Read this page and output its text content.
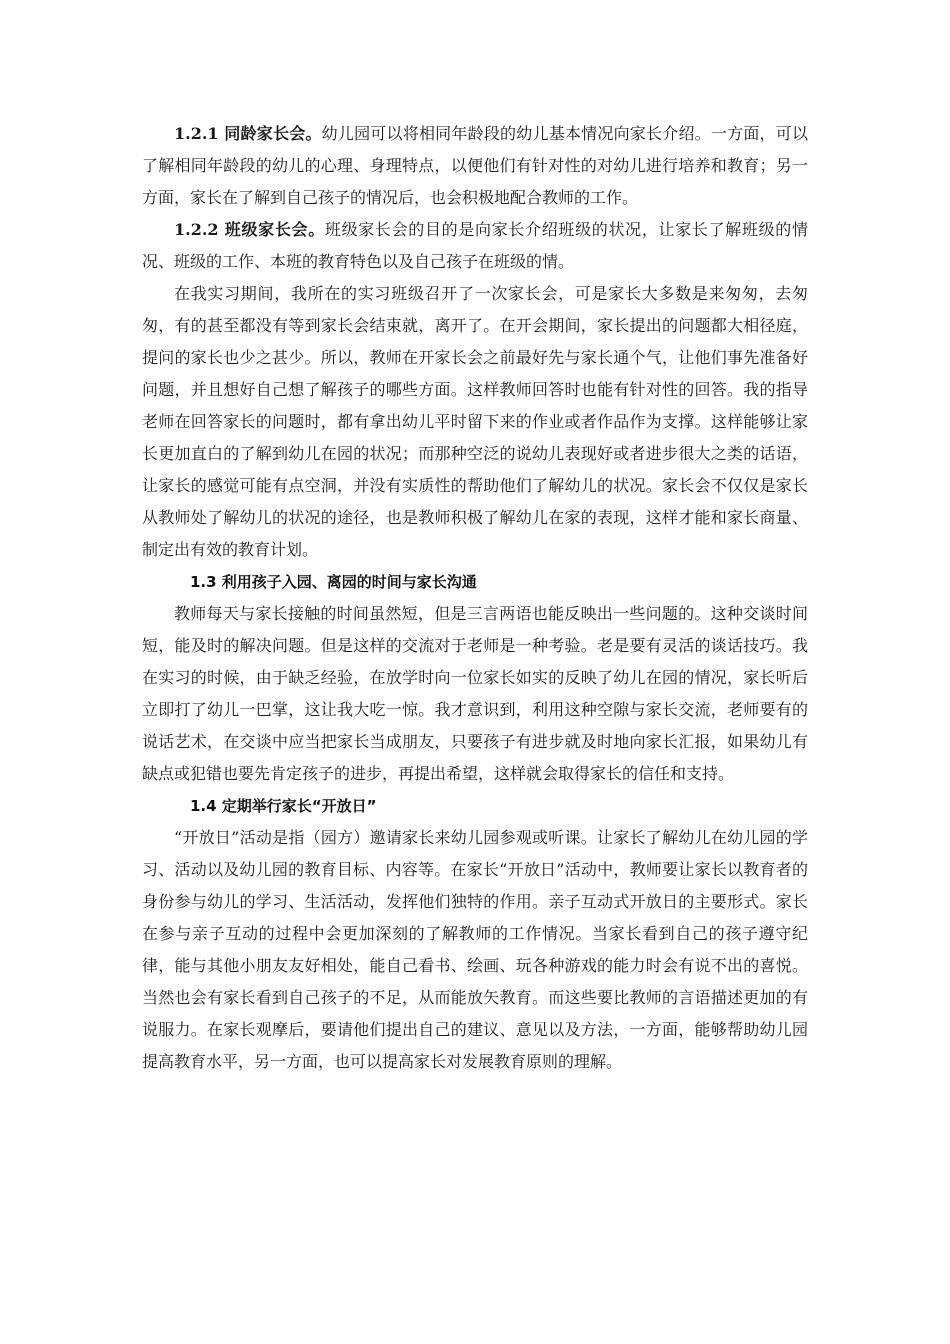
1.2.1 同龄家长会。幼儿园可以将相同年龄段的幼儿基本情况向家长介绍。一方面，可以了解相同年龄段的幼儿的心理、身理特点，以便他们有针对性的对幼儿进行培养和教育；另一方面，家长在了解到自己孩子的情况后，也会积极地配合教师的工作。

1.2.2 班级家长会。班级家长会的目的是向家长介绍班级的状况，让家长了解班级的情况、班级的工作、本班的教育特色以及自己孩子在班级的情。

在我实习期间，我所在的实习班级召开了一次家长会，可是家长大多数是来匆匆，去匆匆，有的甚至都没有等到家长会结束就，离开了。在开会期间，家长提出的问题都大相径庭，提问的家长也少之甚少。所以，教师在开家长会之前最好先与家长通个气，让他们事先准备好问题，并且想好自己想了解孩子的哪些方面。这样教师回答时也能有针对性的回答。我的指导老师在回答家长的问题时，都有拿出幼儿平时留下来的作业或者作品作为支撑。这样能够让家长更加直白的了解到幼儿在园的状况；而那种空泛的说幼儿表现好或者进步很大之类的话语，让家长的感觉可能有点空洞，并没有实质性的帮助他们了解幼儿的状况。家长会不仅仅是家长从教师处了解幼儿的状况的途径，也是教师积极了解幼儿在家的表现，这样才能和家长商量、制定出有效的教育计划。

1.3 利用孩子入园、离园的时间与家长沟通

教师每天与家长接触的时间虽然短，但是三言两语也能反映出一些问题的。这种交谈时间短，能及时的解决问题。但是这样的交流对于老师是一种考验。老是要有灵活的谈话技巧。我在实习的时候，由于缺乏经验，在放学时向一位家长如实的反映了幼儿在园的情况，家长听后立即打了幼儿一巴掌，这让我大吃一惊。我才意识到，利用这种空隙与家长交流，老师要有的说话艺术，在交谈中应当把家长当成朋友，只要孩子有进步就及时地向家长汇报，如果幼儿有缺点或犯错也要先肯定孩子的进步，再提出希望，这样就会取得家长的信任和支持。

1.4 定期举行家长“开放日”

“开放日”活动是指（园方）邀请家长来幼儿园参观或听课。让家长了解幼儿在幼儿园的学习、活动以及幼儿园的教育目标、内容等。在家长“开放日”活动中，教师要让家长以教育者的身份参与幼儿的学习、生活活动，发挥他们独特的作用。亲子互动式开放日的主要形式。家长在参与亲子互动的过程中会更加深刻的了解教师的工作情况。当家长看到自己的孩子遵守纪律，能与其他小朋友友好相处，能自己看书、绘画、玩各种游戏的能力时会有说不出的喜悦。当然也会有家长看到自己孩子的不足，从而能放矢教育。而这些要比教师的言语描述更加的有说服力。在家长观摩后，要请他们提出自己的建议、意见以及方法，一方面，能够帮助幼儿园提高教育水平，另一方面，也可以提高家长对发展教育原则的理解。
